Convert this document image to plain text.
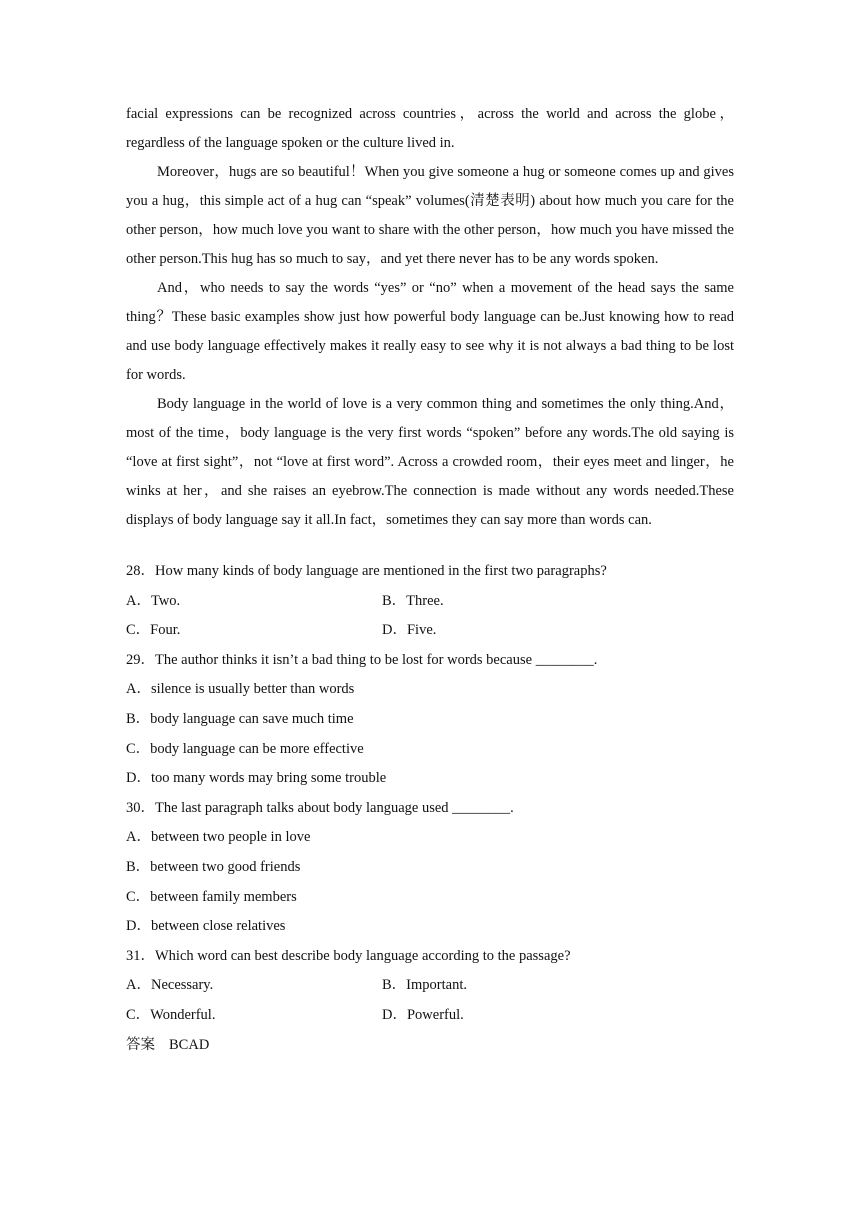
facial expressions can be recognized across countries，across the world and across the globe，regardless of the language spoken or the culture lived in.

Moreover，hugs are so beautiful！When you give someone a hug or someone comes up and gives you a hug，this simple act of a hug can “speak” volumes(清楚表明) about how much you care for the other person，how much love you want to share with the other person，how much you have missed the other person.This hug has so much to say，and yet there never has to be any words spoken.

And，who needs to say the words “yes” or “no” when a movement of the head says the same thing？These basic examples show just how powerful body language can be.Just knowing how to read and use body language effectively makes it really easy to see why it is not always a bad thing to be lost for words.

Body language in the world of love is a very common thing and sometimes the only thing.And，most of the time，body language is the very first words “spoken” before any words.The old saying is “love at first sight”，not “love at first word”. Across a crowded room，their eyes meet and linger，he winks at her，and she raises an eyebrow.The connection is made without any words needed.These displays of body language say it all.In fact，sometimes they can say more than words can.

28．How many kinds of body language are mentioned in the first two paragraphs?

A．Two.	B．Three.
C．Four.	D．Five.

29．The author thinks it isn’t a bad thing to be lost for words because ________.

A．silence is usually better than words

B．body language can save much time

C．body language can be more effective

D．too many words may bring some trouble

30．The last paragraph talks about body language used ________.

A．between two people in love

B．between two good friends

C．between family members

D．between close relatives

31．Which word can best describe body language according to the passage?

A．Necessary.	B．Important.
C．Wonderful.	D．Powerful.
答案 BCAD
